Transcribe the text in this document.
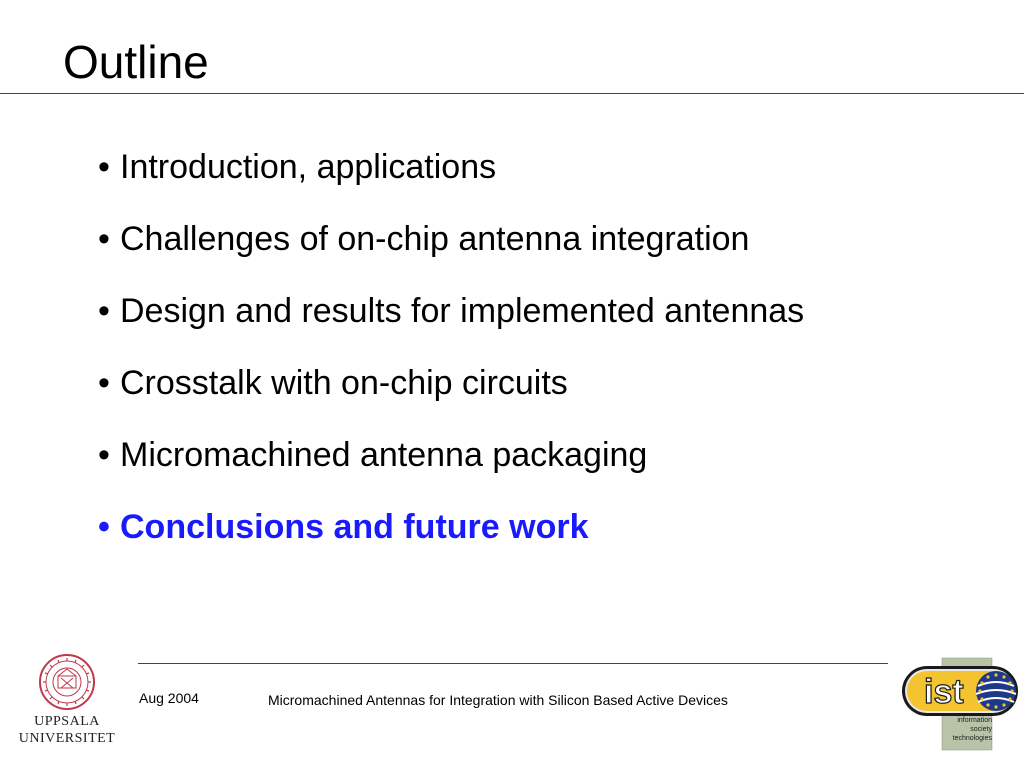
Outline
• Introduction, applications
• Challenges of on-chip antenna integration
• Design and results for implemented antennas
• Crosstalk with on-chip circuits
• Micromachined antenna packaging
• Conclusions and future work
UPPSALA
UNIVERSITET
Aug 2004	Micromachined Antennas for Integration with Silicon Based Active Devices	ist
information
society
technologies
